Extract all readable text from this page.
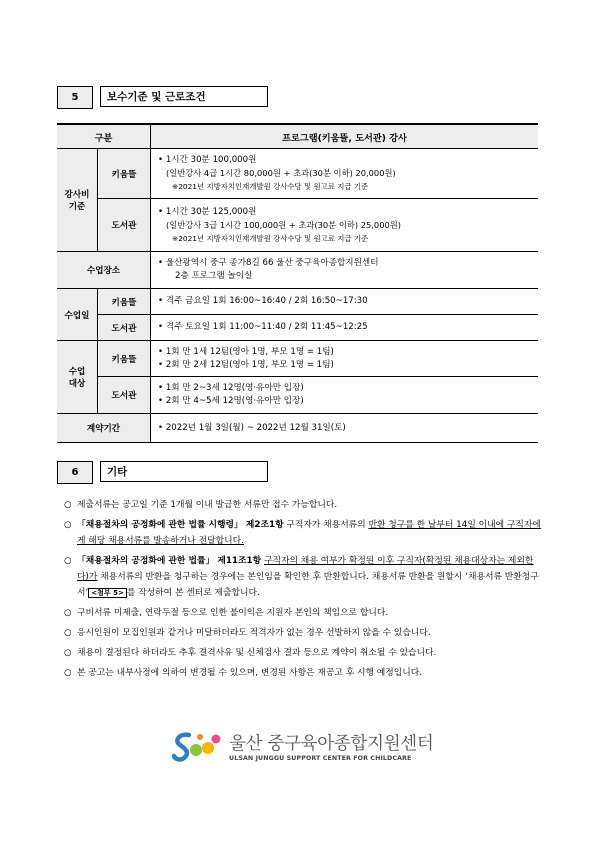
5	보수기준 및 근로조건
구분		프로그램(키움뜰, 도서관) 강사

강사비
기준	키움뜰	• 1시간 30분 100,000원
(일반강사 4급 1시간 80,000원 + 초과(30분 이하) 20,000원)
※2021년 지방자치인재개발원 강사수당 및 원고료 지급 기준

	도서관	• 1시간 30분 125,000원
(일반강사 3급 1시간 100,000원 + 초과(30분 이하) 25,000원)
※2021년 지방자치인재개발원 강사수당 및 원고료 지급 기준

수업장소		• 울산광역시 중구 종가8길 66 울산 중구육아종합지원센터
2층 프로그램 놀이실

수업일	키움뜰	• 격주 금요일 1회 16:00~16:40 / 2회 16:50~17:30

	도서관	• 격주 토요일 1회 11:00~11:40 / 2회 11:45~12:25

수업
대상	키움뜰	• 1회 만 1세 12팀(영아 1명, 부모 1명 = 1팀)
• 2회 만 2세 12팀(영아 1명, 부모 1명 = 1팀)

	도서관	• 1회 만 2~3세 12명(영·유아만 입장)
• 2회 만 4~5세 12명(영·유아만 입장)

계약기간		• 2022년 1월 3일(월) ~ 2022년 12월 31일(토)
6	기타

○ 제출서류는 공고일 기준 1개월 이내 발급한 서류만 접수 가능합니다.

○ 「채용절차의 공정화에 관한 법률 시행령」 제2조1항 구직자가 채용서류의 반환 청구를 한 날부터 14일 이내에 구직자에게 해당 채용서류를 발송하거나 전달합니다.

○ 「채용절차의 공정화에 관한 법률」 제11조1항 구직자의 채용 여부가 확정된 이후 구직자(확정된 채용대상자는 제외한다)가 채용서류의 반환을 청구하는 경우에는 본인임을 확인한 후 반환합니다. 채용서류 반환을 원할시 ‘채용서류 반환청구서’ <첨부 5> 를 작성하여 본 센터로 제출합니다.

○ 구비서류 미제출, 연락두절 등으로 인한 불이익은 지원자 본인의 책임으로 합니다.

○ 응시인원이 모집인원과 같거나 미달하더라도 적격자가 없는 경우 선발하지 않을 수 있습니다.

○ 채용이 결정된다 하더라도 추후 결격사유 및 신체검사 결과 등으로 계약이 취소될 수 있습니다.

○ 본 공고는 내부사정에 의하여 변경될 수 있으며, 변경된 사항은 재공고 후 시행 예정입니다.

울산 중구육아종합지원센터
ULSAN JUNGGU SUPPORT CENTER FOR CHILDCARE
